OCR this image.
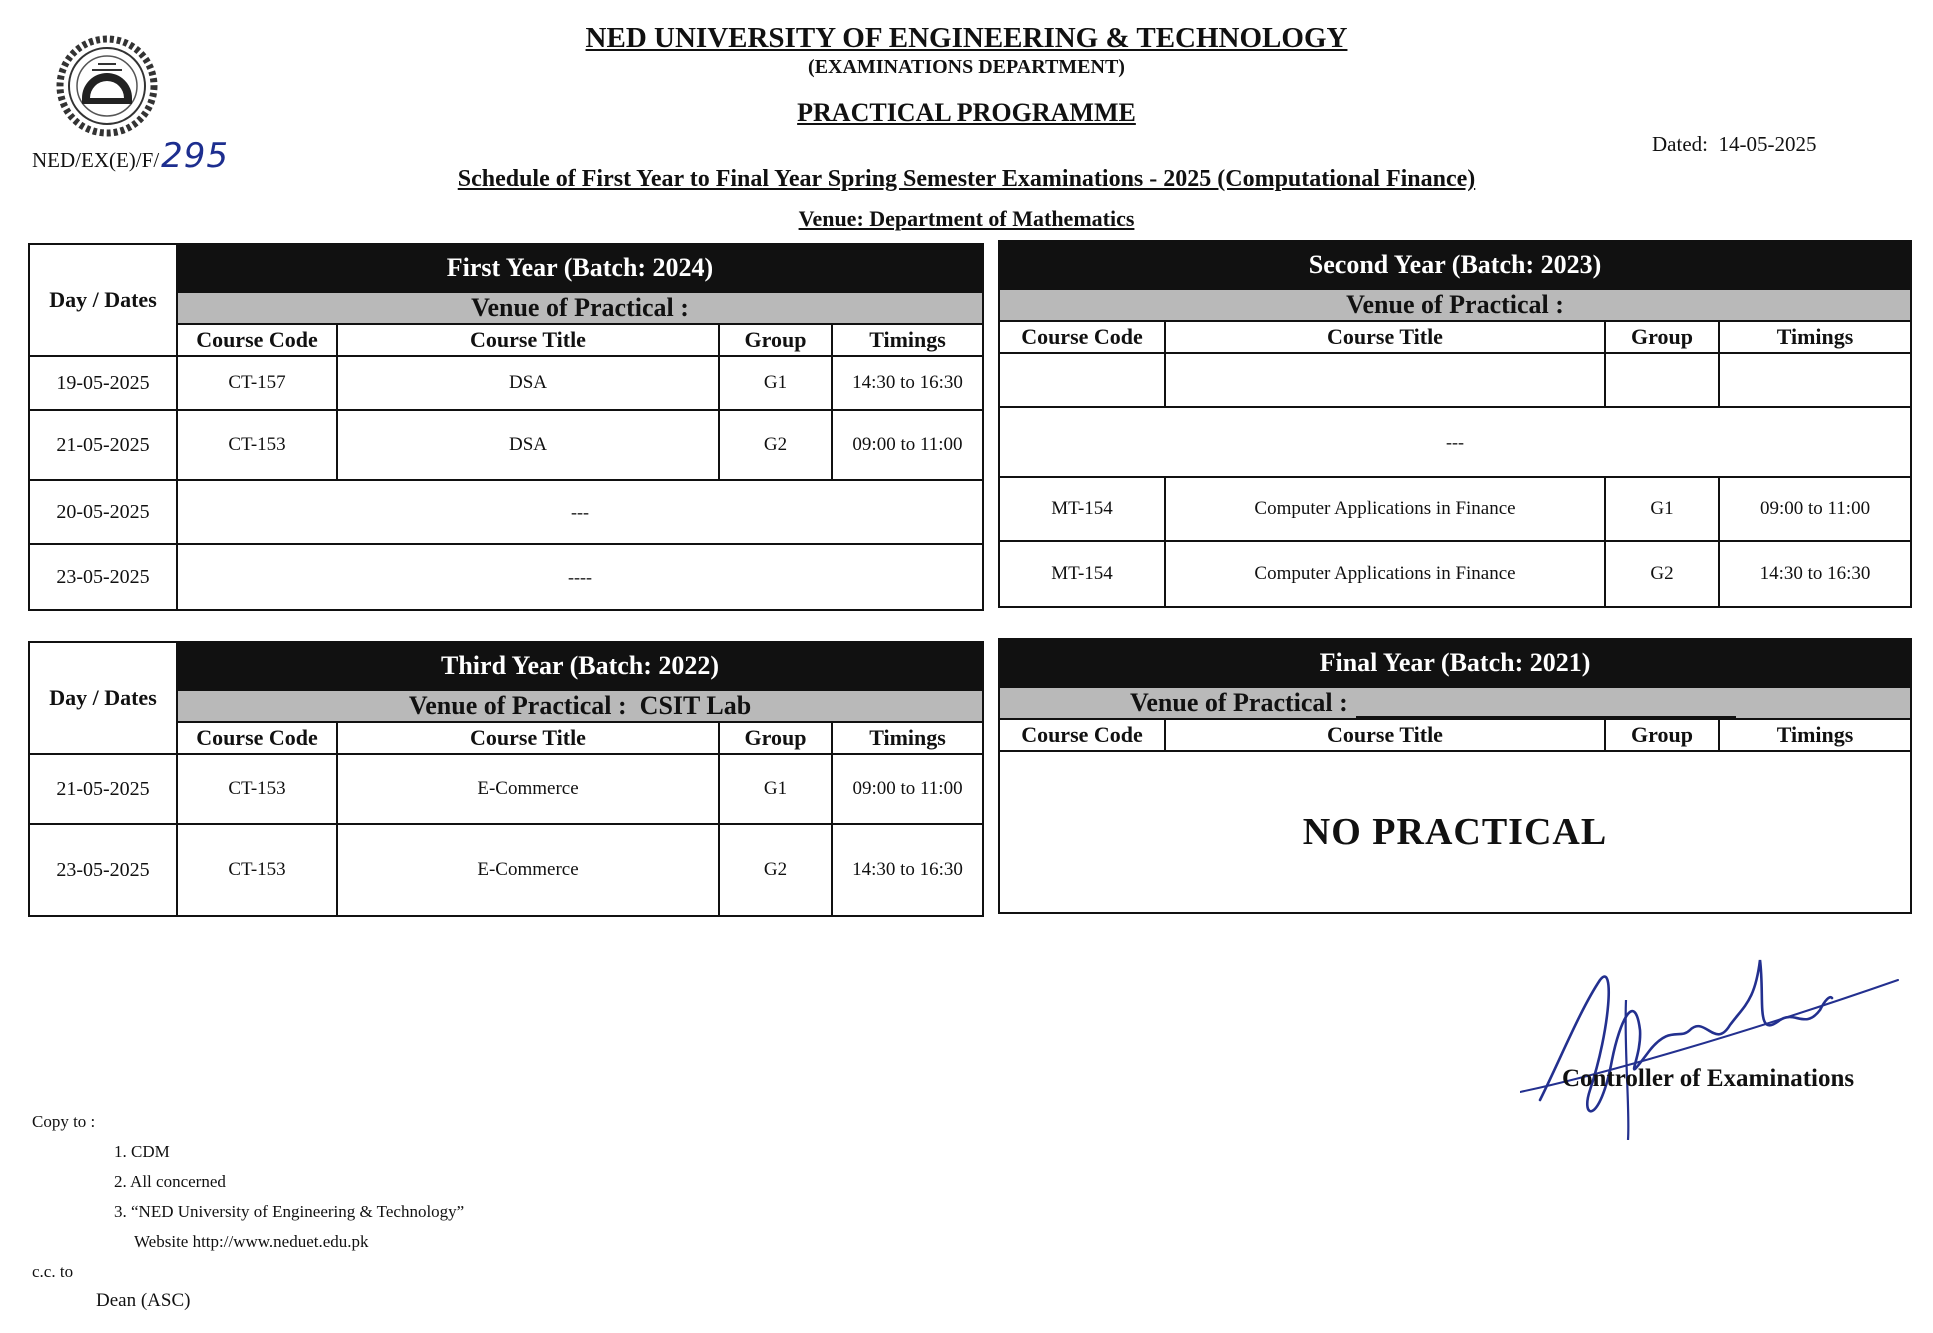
NED/EX(E)/F/295
NED UNIVERSITY OF ENGINEERING & TECHNOLOGY
(EXAMINATIONS DEPARTMENT)
PRACTICAL PROGRAMME
Dated: 14-05-2025
Schedule of First Year to Final Year Spring Semester Examinations - 2025 (Computational Finance)
Venue: Department of Mathematics
Day / Dates	First Year (Batch: 2024)			
	Venue of Practical :			
	Course Code	Course Title	Group	Timings
19-05-2025	CT-157	DSA	G1	14:30 to 16:30
21-05-2025	CT-153	DSA	G2	09:00 to 11:00
20-05-2025	---			
23-05-2025	----			
Second Year (Batch: 2023)			
Venue of Practical :			
Course Code	Course Title	Group	Timings

---			
MT-154	Computer Applications in Finance	G1	09:00 to 11:00
MT-154	Computer Applications in Finance	G2	14:30 to 16:30
Day / Dates	Third Year (Batch: 2022)			
	Venue of Practical : CSIT Lab			
	Course Code	Course Title	Group	Timings
21-05-2025	CT-153	E-Commerce	G1	09:00 to 11:00
23-05-2025	CT-153	E-Commerce	G2	14:30 to 16:30
Final Year (Batch: 2021)
Venue of Practical :
Course Code	Course Title	Group	Timings
NO PRACTICAL
Controller of Examinations
Copy to :
1. CDM
2. All concerned
3. “NED University of Engineering & Technology”
Website http://www.neduet.edu.pk
c.c. to
Dean (ASC)
